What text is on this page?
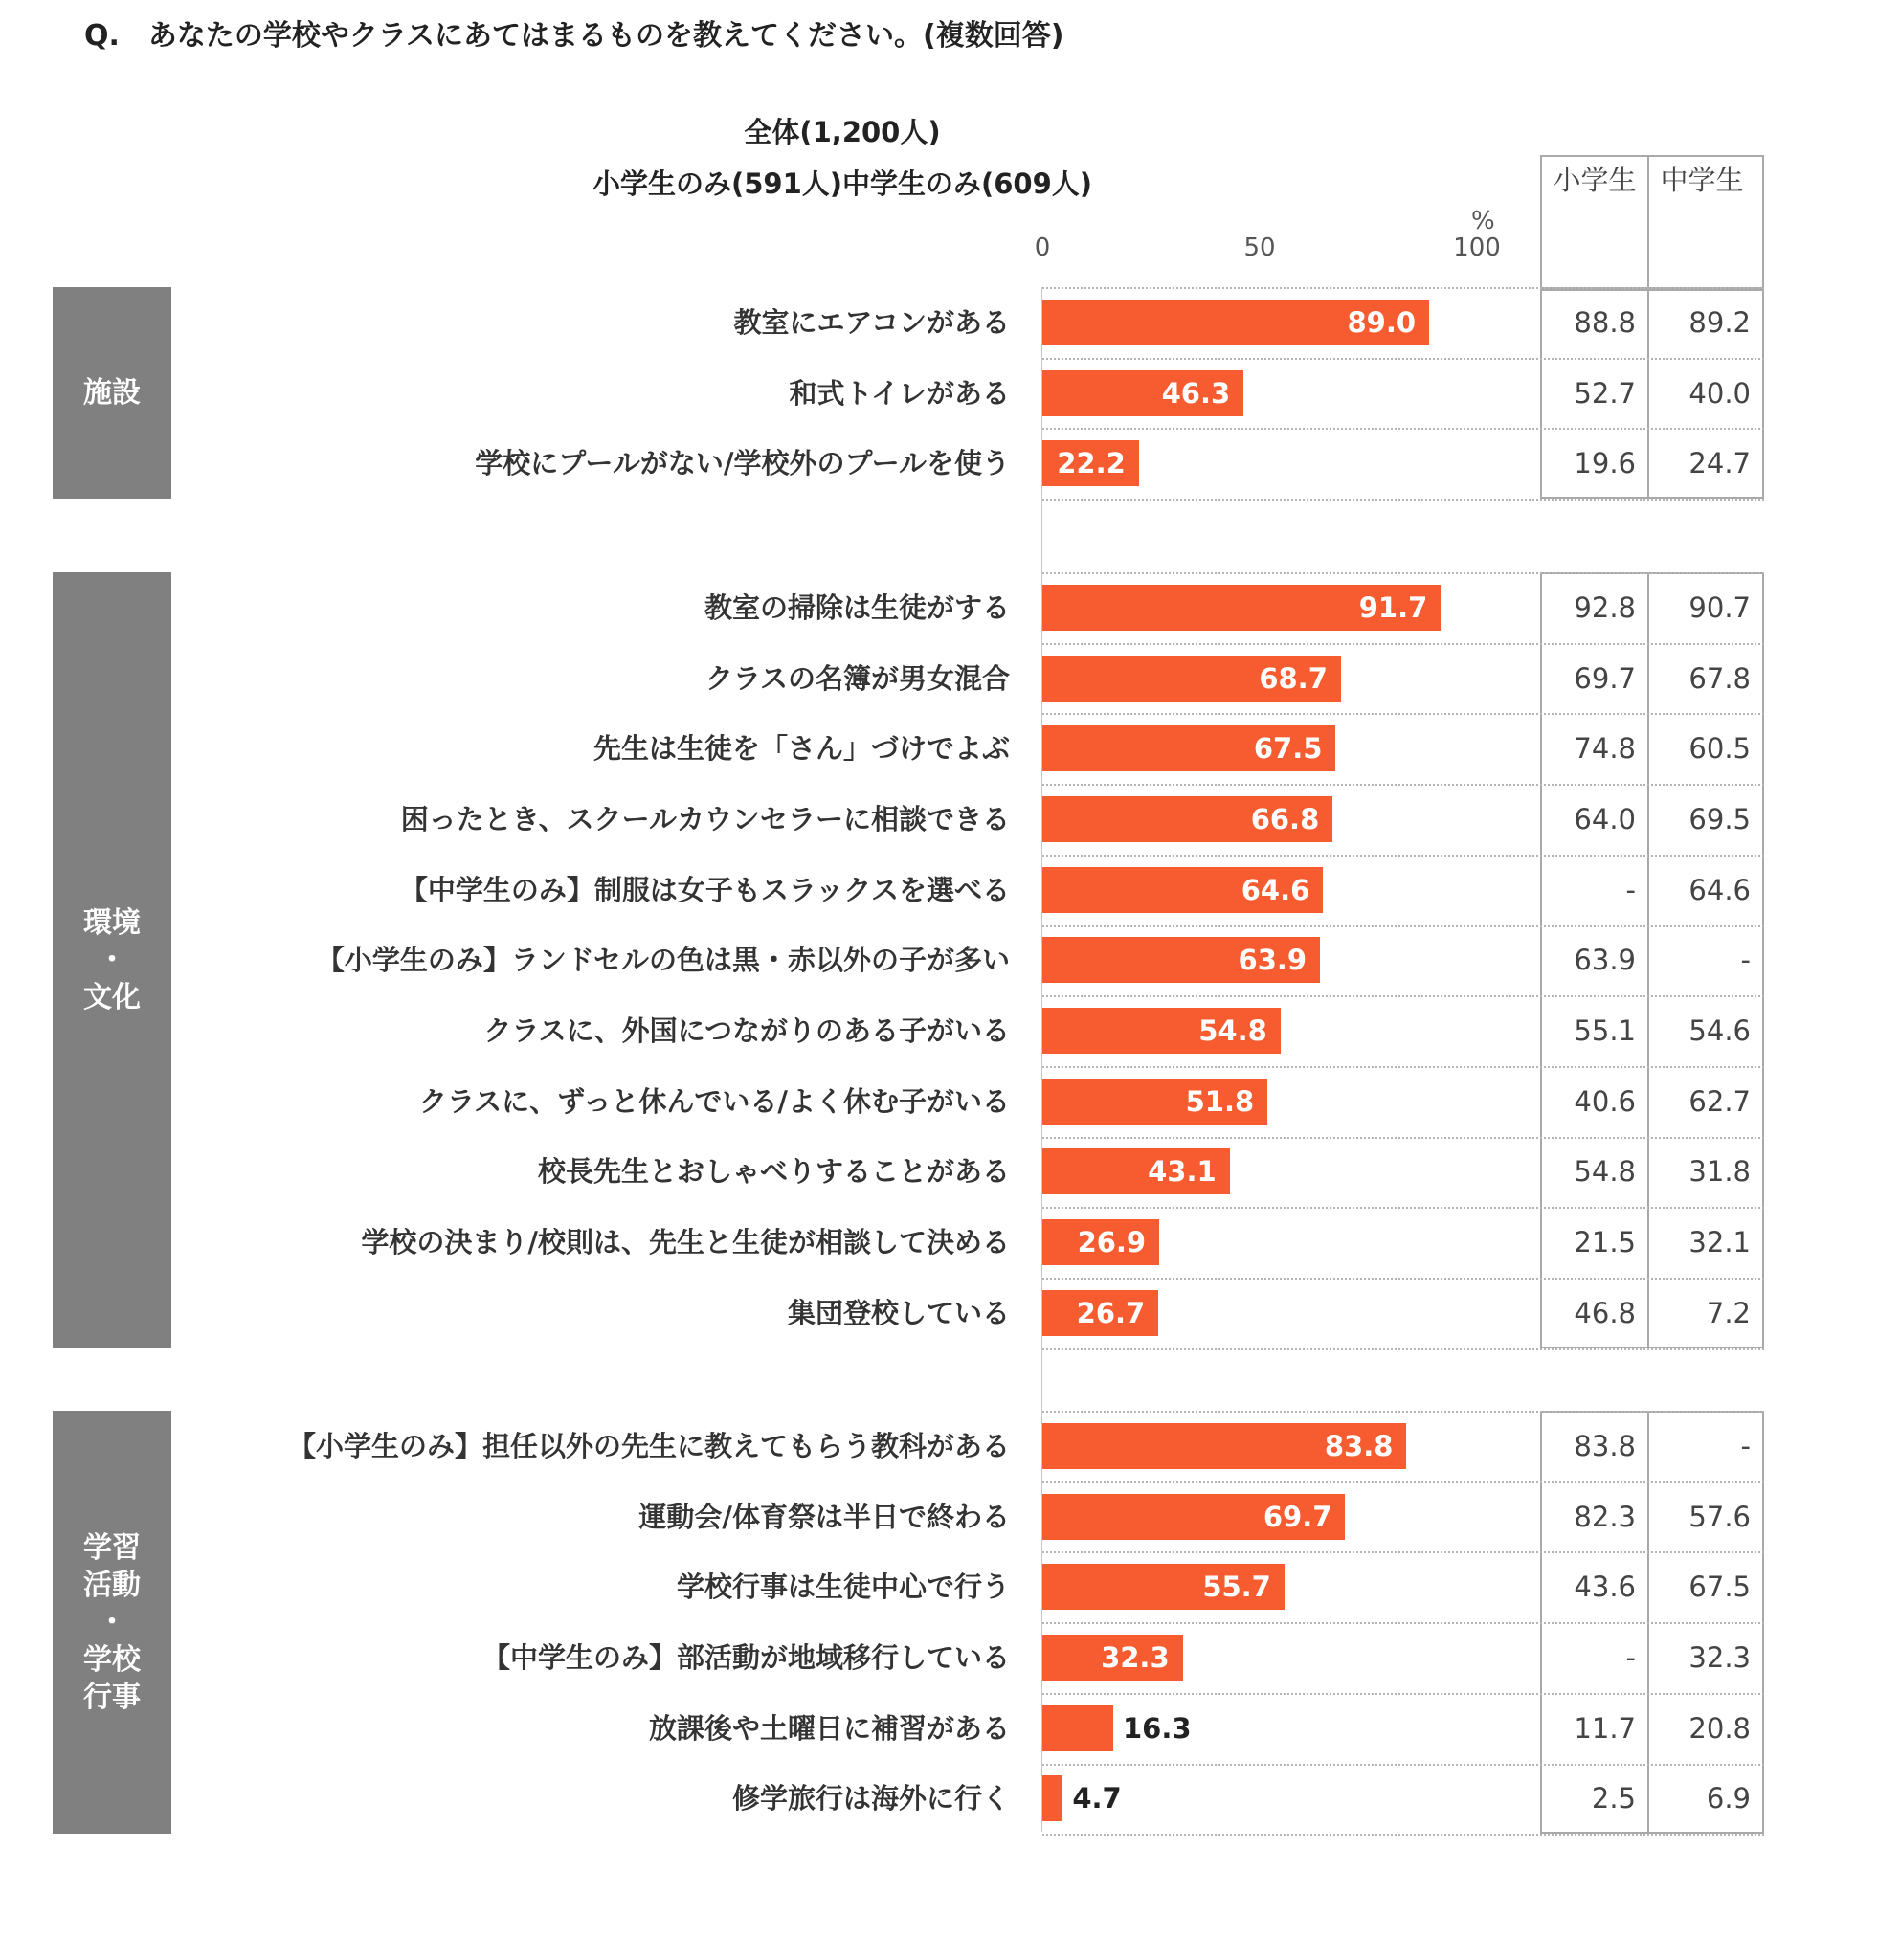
Q. あなたの学校やクラスにあてはまるものを教えてください。(複数回答)
全体(1,200人)
小学生のみ(591人)中学生のみ(609人)
0	50	100
%
小学生 中学生
施設
教室にエアコンがある	89.0	88.8	89.2
和式トイレがある	46.3	52.7	40.0
学校にプールがない/学校外のプールを使う	22.2	19.6	24.7
環境
・
文化
教室の掃除は生徒がする	91.7	92.8	90.7
クラスの名簿が男女混合	68.7	69.7	67.8
先生は生徒を「さん」づけでよぶ	67.5	74.8	60.5
困ったとき、スクールカウンセラーに相談できる	66.8	64.0	69.5
【中学生のみ】制服は女子もスラックスを選べる	64.6	-	64.6
【小学生のみ】ランドセルの色は黒・赤以外の子が多い	63.9	63.9	-
クラスに、外国につながりのある子がいる	54.8	55.1	54.6
クラスに、ずっと休んでいる/よく休む子がいる	51.8	40.6	62.7
校長先生とおしゃべりすることがある	43.1	54.8	31.8
学校の決まり/校則は、先生と生徒が相談して決める	26.9	21.5	32.1
集団登校している	26.7	46.8	7.2
学習
活動
・
学校
行事
【小学生のみ】担任以外の先生に教えてもらう教科がある	83.8	83.8	-
運動会/体育祭は半日で終わる	69.7	82.3	57.6
学校行事は生徒中心で行う	55.7	43.6	67.5
【中学生のみ】部活動が地域移行している	32.3	-	32.3
放課後や土曜日に補習がある	16.3	11.7	20.8
修学旅行は海外に行く 4.7	2.5	6.9
